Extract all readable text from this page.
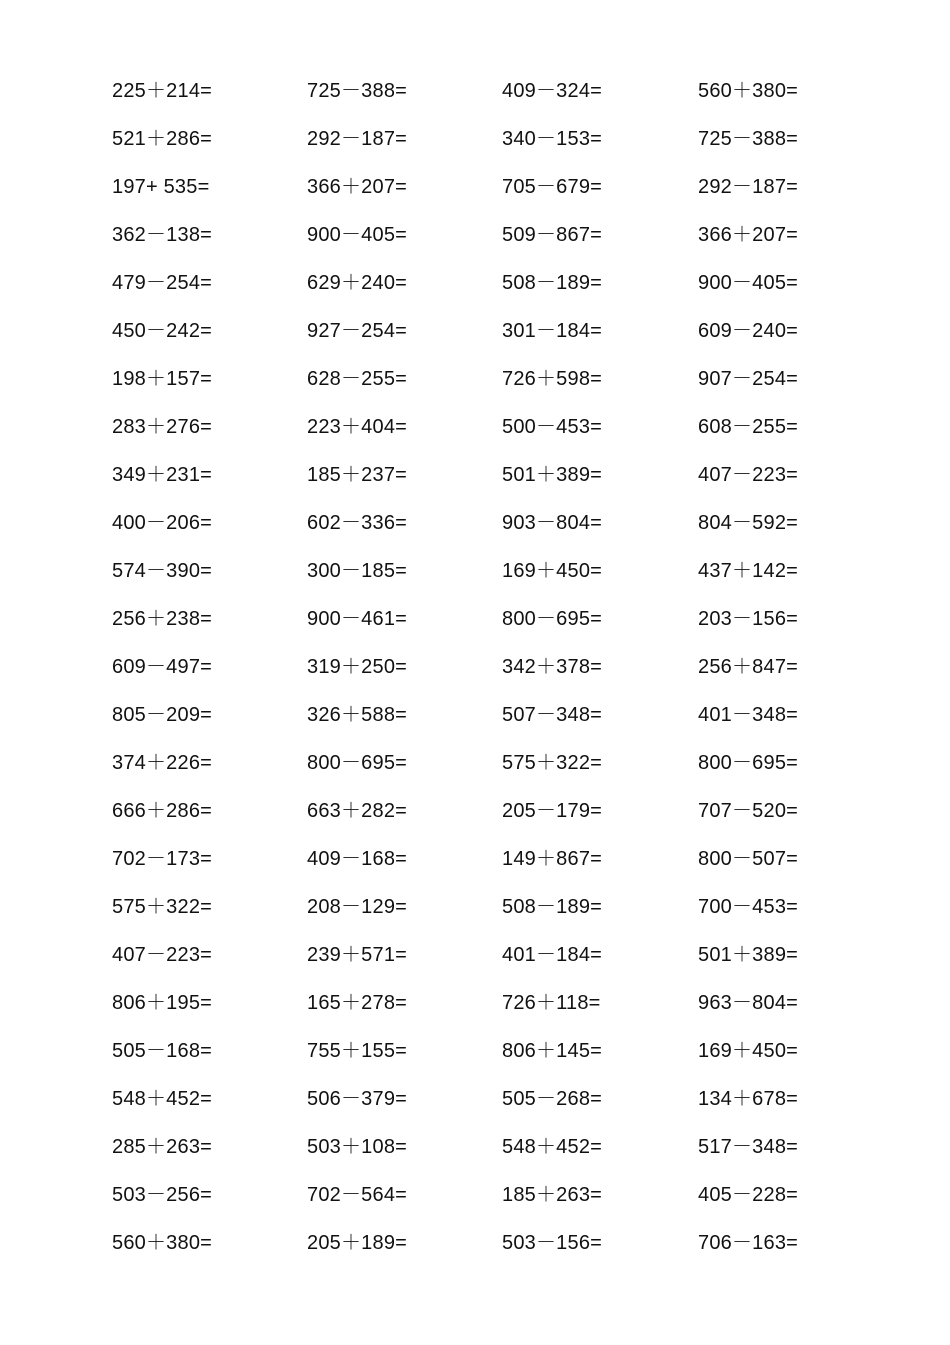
225＋214=
521＋286=
197+ 535=
362－138=
479－254=
450－242=
198＋157=
283＋276=
349＋231=
400－206=
574－390=
256＋238=
609－497=
805－209=
374＋226=
666＋286=
702－173=
575＋322=
407－223=
806＋195=
505－168=
548＋452=
285＋263=
503－256=
560＋380=
725－388=
292－187=
366＋207=
900－405=
629＋240=
927－254=
628－255=
223＋404=
185＋237=
602－336=
300－185=
900－461=
319＋250=
326＋588=
800－695=
663＋282=
409－168=
208－129=
239＋571=
165＋278=
755＋155=
506－379=
503＋108=
702－564=
205＋189=
409－324=
340－153=
705－679=
509－867=
508－189=
301－184=
726＋598=
500－453=
501＋389=
903－804=
169＋450=
800－695=
342＋378=
507－348=
575＋322=
205－179=
149＋867=
508－189=
401－184=
726＋118=
806＋145=
505－268=
548＋452=
185＋263=
503－156=
560＋380=
725－388=
292－187=
366＋207=
900－405=
609－240=
907－254=
608－255=
407－223=
804－592=
437＋142=
203－156=
256＋847=
401－348=
800－695=
707－520=
800－507=
700－453=
501＋389=
963－804=
169＋450=
134＋678=
517－348=
405－228=
706－163=
